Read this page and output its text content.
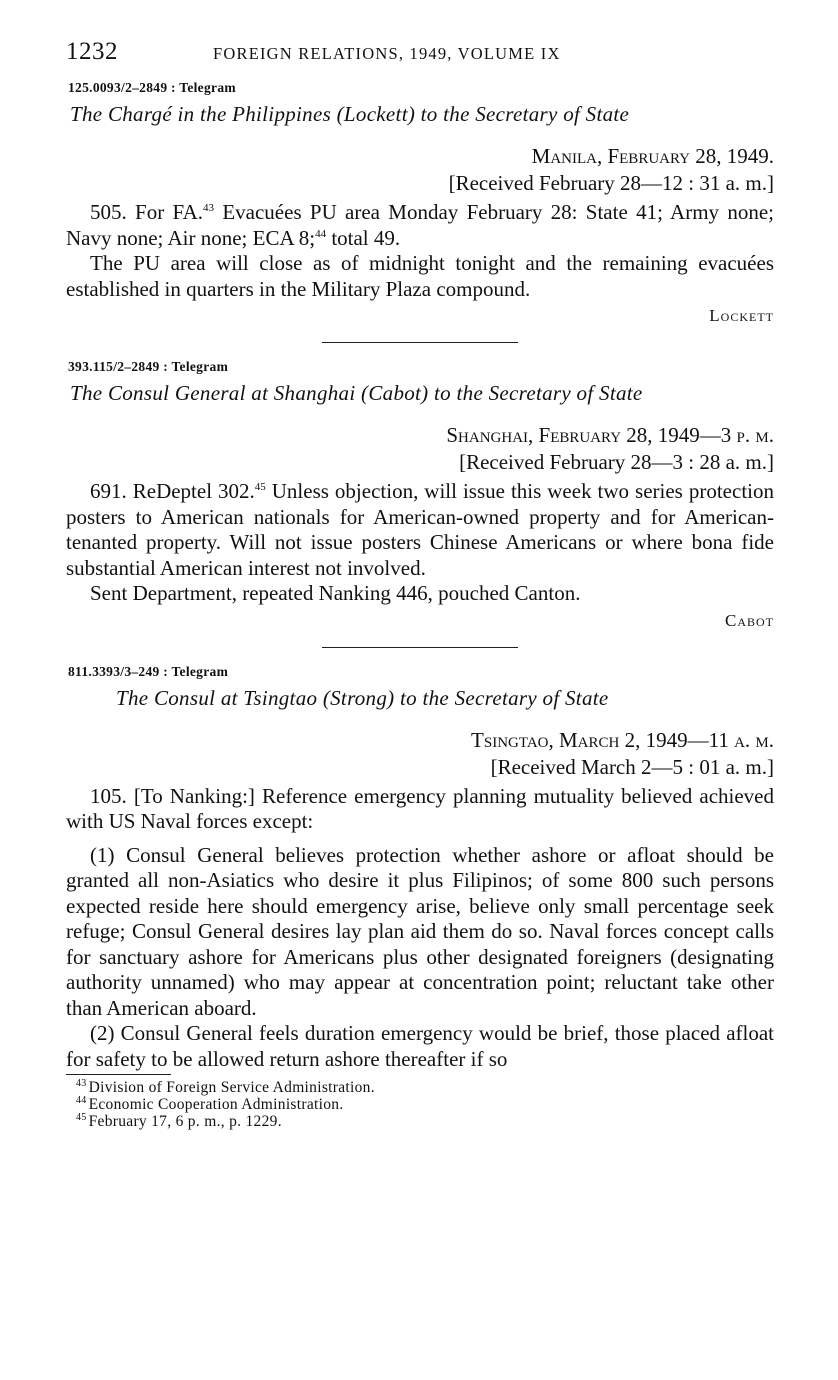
1232	FOREIGN RELATIONS, 1949, VOLUME IX
125.0093/2–2849 : Telegram
The Chargé in the Philippines (Lockett) to the Secretary of State
Manila, February 28, 1949.
[Received February 28—12 : 31 a. m.]

505. For FA.$^{43}$ Evacuées PU area Monday February 28: State 41; Army none; Navy none; Air none; ECA 8;$^{44}$ total 49.

The PU area will close as of midnight tonight and the remaining evacuées established in quarters in the Military Plaza compound.

Lockett
393.115/2–2849 : Telegram
The Consul General at Shanghai (Cabot) to the Secretary of State
Shanghai, February 28, 1949—3 p. m.
[Received February 28—3 : 28 a. m.]

691. ReDeptel 302.45 Unless objection, will issue this week two series protection posters to American nationals for American-owned property and for American-tenanted property. Will not issue posters Chinese Americans or where bona fide substantial American interest not involved.

Sent Department, repeated Nanking 446, pouched Canton.

Cabot
811.3393/3–249 : Telegram
The Consul at Tsingtao (Strong) to the Secretary of State
Tsingtao, March 2, 1949—11 a. m.
[Received March 2—5 : 01 a. m.]

105. [To Nanking:] Reference emergency planning mutuality believed achieved with US Naval forces except:

(1) Consul General believes protection whether ashore or afloat should be granted all non-Asiatics who desire it plus Filipinos; of some 800 such persons expected reside here should emergency arise, believe only small percentage seek refuge; Consul General desires lay plan aid them do so. Naval forces concept calls for sanctuary ashore for Americans plus other designated foreigners (designating authority unnamed) who may appear at concentration point; reluctant take other than American aboard.

(2) Consul General feels duration emergency would be brief, those placed afloat for safety to be allowed return ashore thereafter if so

$^{43}$ Division of Foreign Service Administration.
$^{44}$ Economic Cooperation Administration.
$^{45}$ February 17, 6 p. m., p. 1229.
